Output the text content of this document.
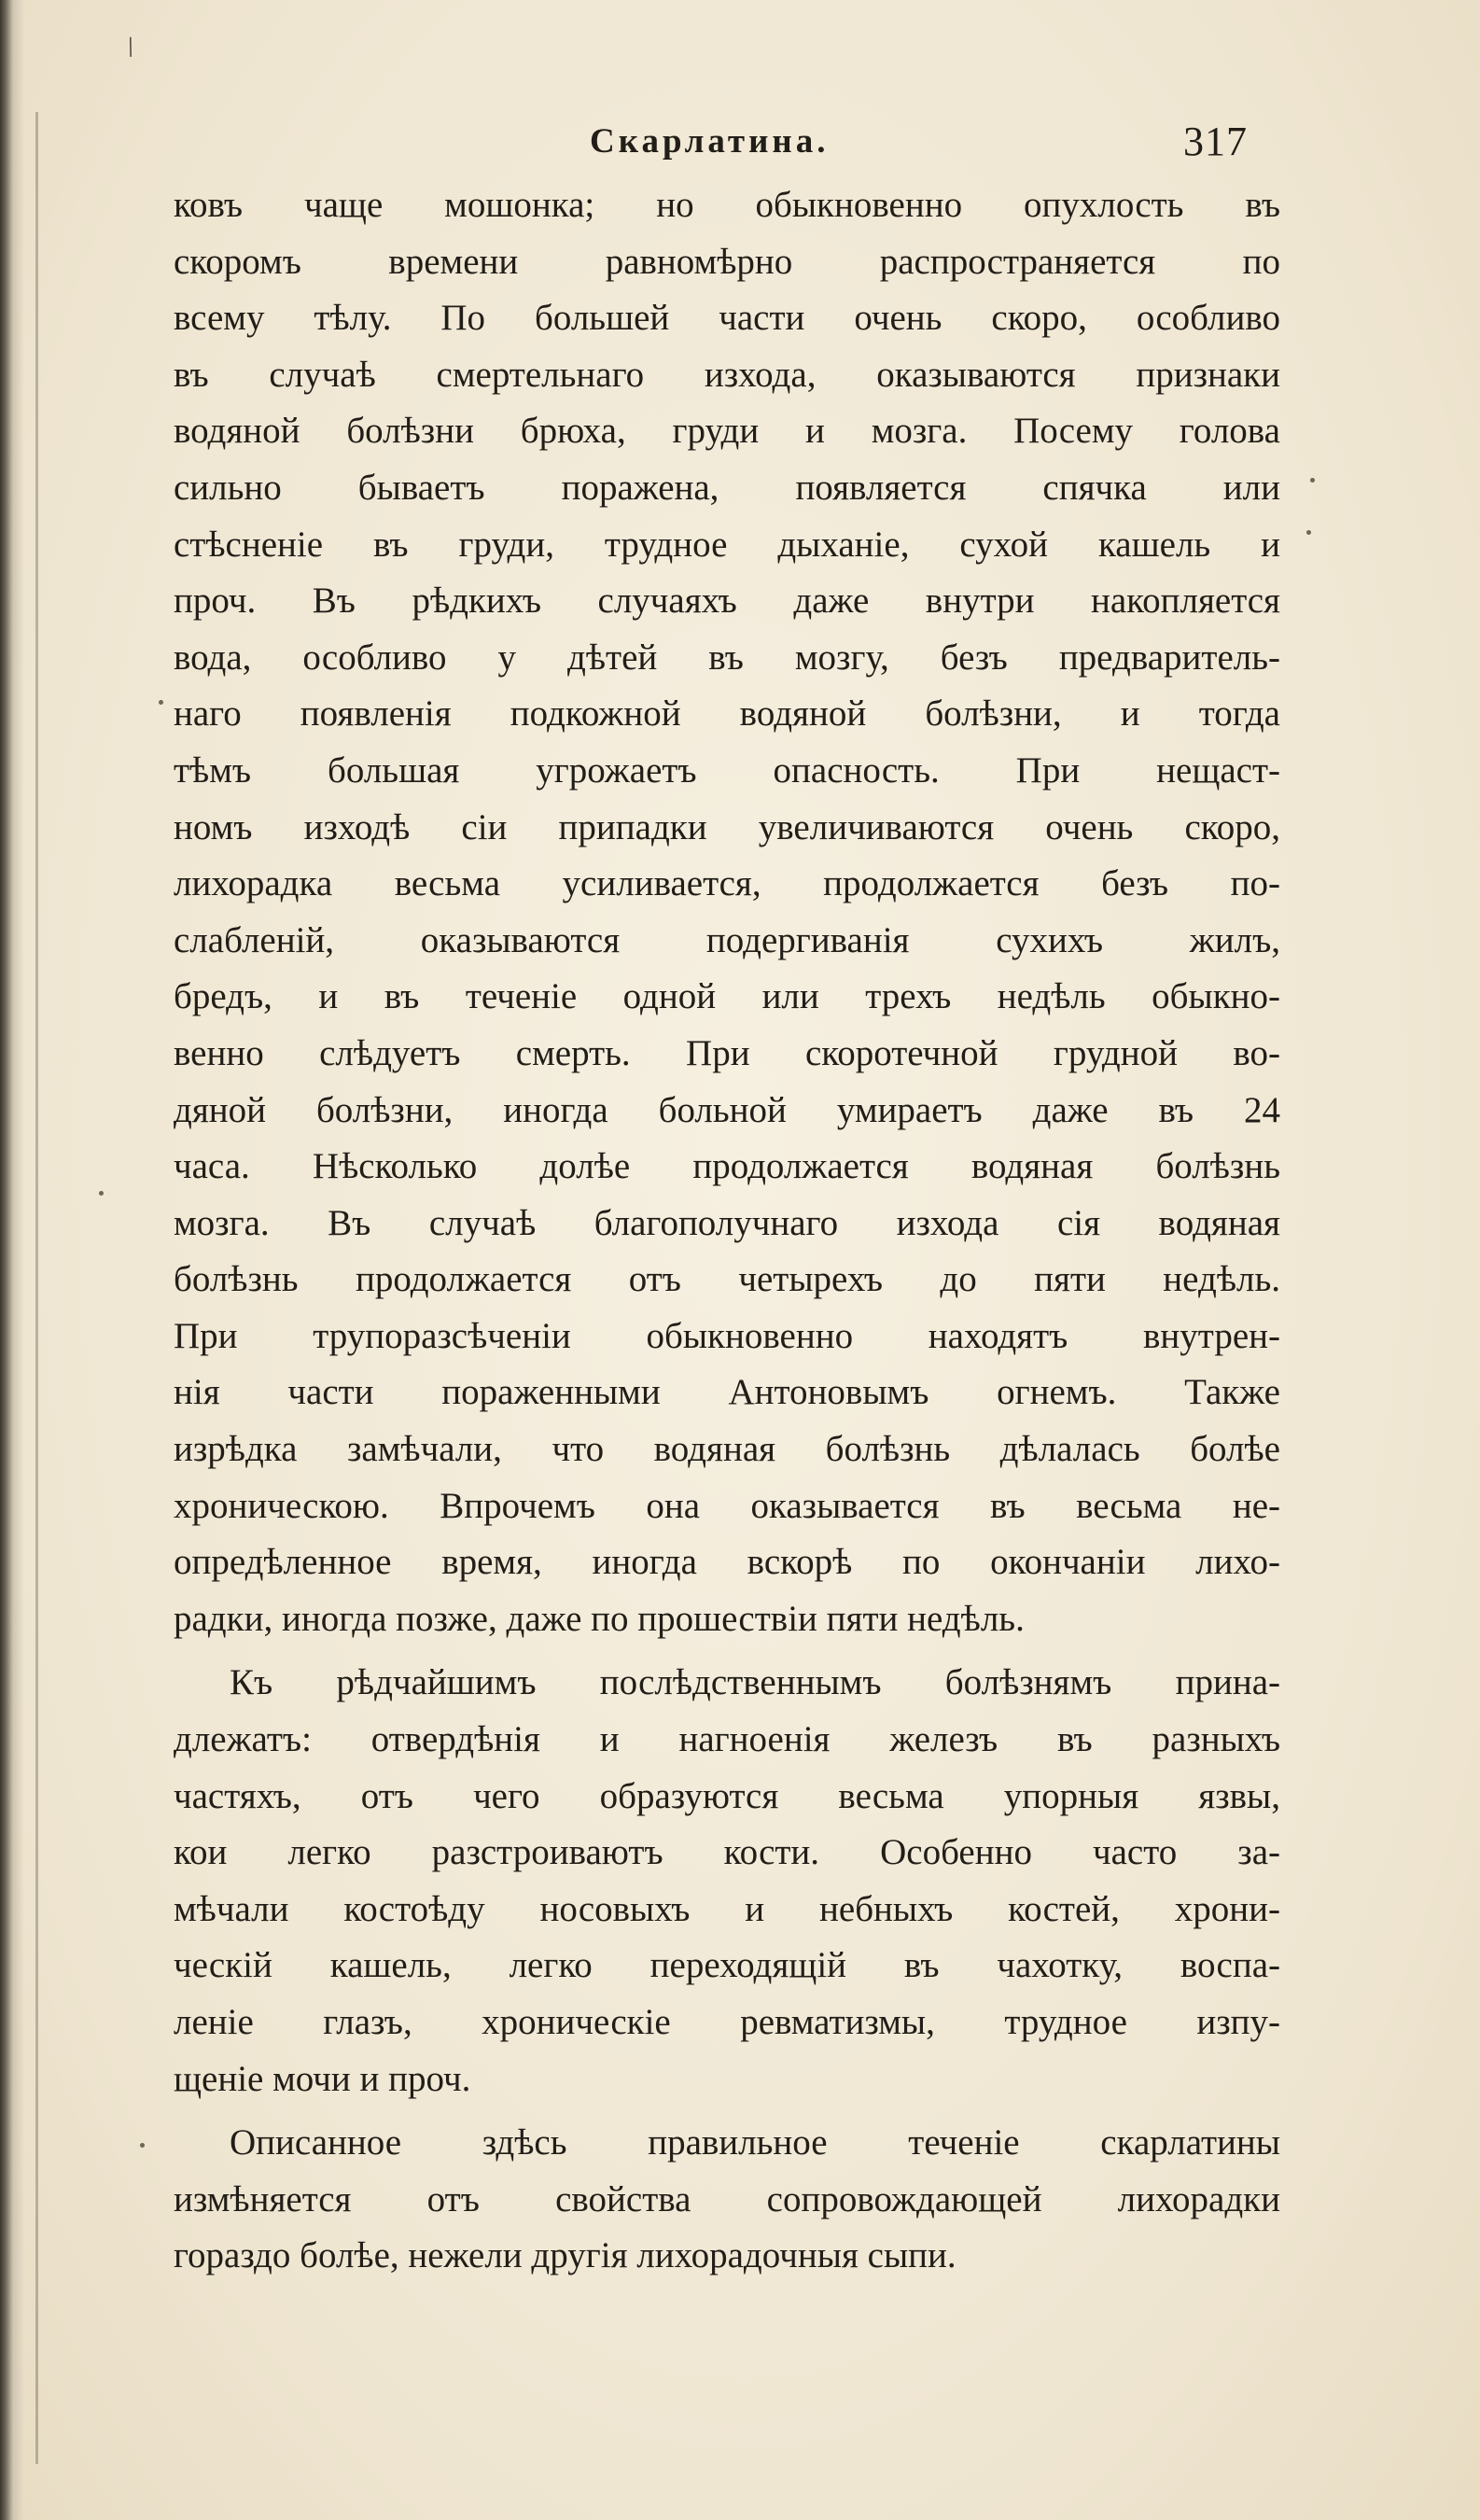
/
Скарлатина.	317
ковъ чаще мошонка; но обыкновенно опухлость въ
скоромъ времени равномѣрно распространяется по
всему тѣлу. По большей части очень скоро, особливо
въ случаѣ смертельнаго изхода, оказываются признаки
водяной болѣзни брюха, груди и мозга. Посему голова
сильно бываетъ поражена, появляется спячка или
стѣсненіе въ груди, трудное дыханіе, сухой кашель и
проч. Въ рѣдкихъ случаяхъ даже внутри накопляется
вода, особливо у дѣтей въ мозгу, безъ предваритель-
наго появленія подкожной водяной болѣзни, и тогда
тѣмъ большая угрожаетъ опасность. При нещаст-
номъ изходѣ сіи припадки увеличиваются очень скоро,
лихорадка весьма усиливается, продолжается безъ по-
слабленій, оказываются подергиванія сухихъ жилъ,
бредъ, и въ теченіе одной или трехъ недѣль обыкно-
венно слѣдуетъ смерть. При скоротечной грудной во-
дяной болѣзни, иногда больной умираетъ даже въ 24
часа. Нѣсколько долѣе продолжается водяная болѣзнь
мозга. Въ случаѣ благополучнаго изхода сія водяная
болѣзнь продолжается отъ четырехъ до пяти недѣль.
При трупоразсѣченіи обыкновенно находятъ внутрен-
нія части пораженными Антоновымъ огнемъ. Также
изрѣдка замѣчали, что водяная болѣзнь дѣлалась болѣе
хроническою. Впрочемъ она оказывается въ весьма не-
опредѣленное время, иногда вскорѣ по окончаніи лихо-
радки, иногда позже, даже по прошествіи пяти недѣль.
Къ рѣдчайшимъ послѣдственнымъ болѣзнямъ прина-
длежатъ: отвердѣнія и нагноенія железъ въ разныхъ
частяхъ, отъ чего образуются весьма упорныя язвы,
кои легко разстроиваютъ кости. Особенно часто за-
мѣчали костоѣду носовыхъ и небныхъ костей, хрони-
ческій кашель, легко переходящій въ чахотку, воспа-
леніе глазъ, хроническіе ревматизмы, трудное изпу-
щеніе мочи и проч.
Описанное здѣсь правильное теченіе скарлатины
измѣняется отъ свойства сопровождающей лихорадки
гораздо болѣе, нежели другія лихорадочныя сыпи.
